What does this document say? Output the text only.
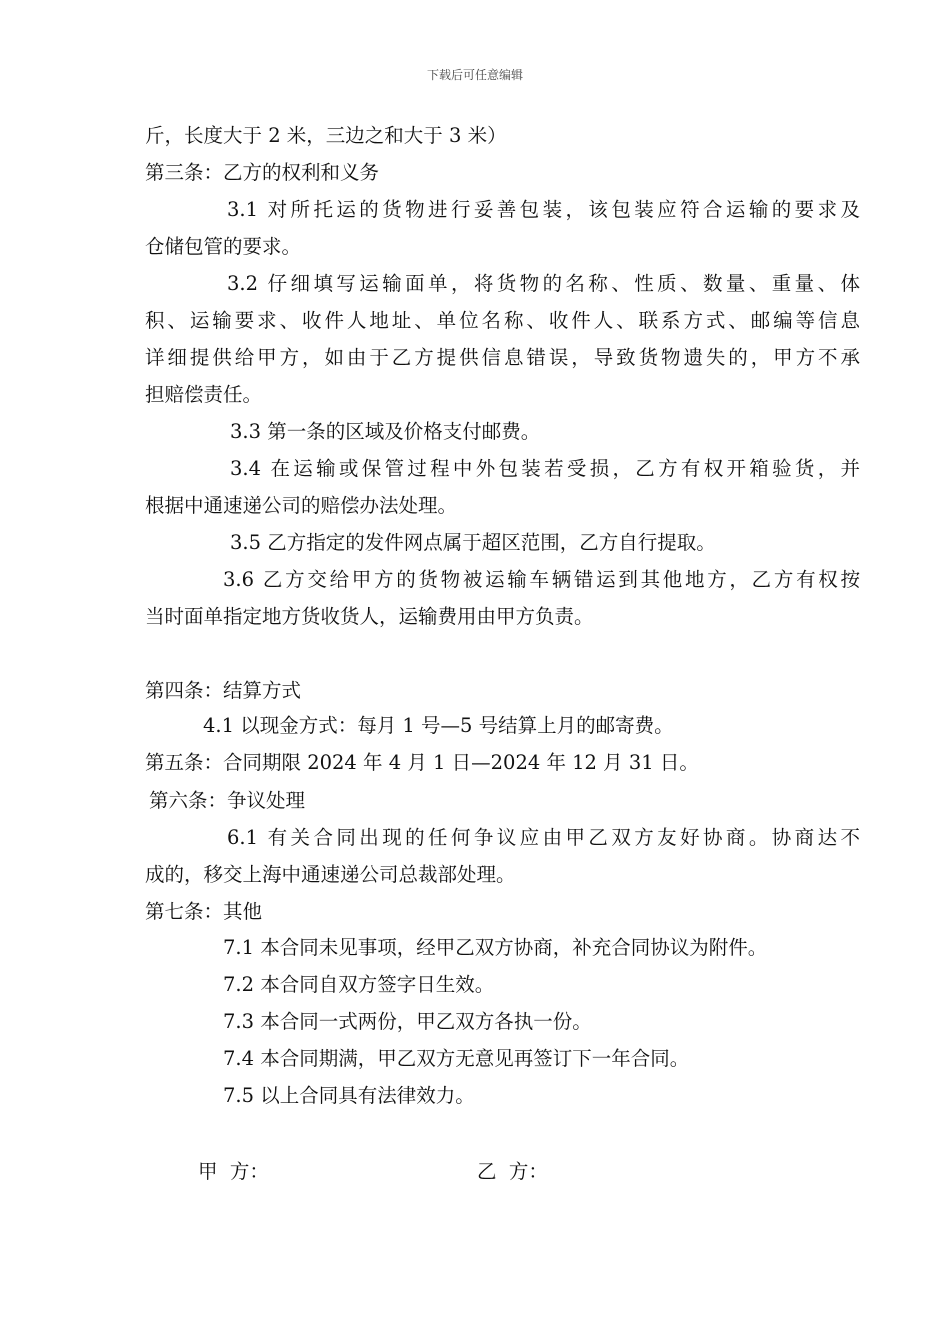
下载后可任意编辑
斤，长度大于 2 米，三边之和大于 3 米）
第三条：乙方的权利和义务
3.1 对所托运的货物进行妥善包装，该包装应符合运输的要求及
仓储包管的要求。
3.2 仔细填写运输面单，将货物的名称、性质、数量、重量、体
积、运输要求、收件人地址、单位名称、收件人、联系方式、邮编等信息
详细提供给甲方，如由于乙方提供信息错误，导致货物遗失的，甲方不承
担赔偿责任。
3.3 第一条的区域及价格支付邮费。
3.4 在运输或保管过程中外包装若受损，乙方有权开箱验货，并
根据中通速递公司的赔偿办法处理。
3.5 乙方指定的发件网点属于超区范围，乙方自行提取。
3.6 乙方交给甲方的货物被运输车辆错运到其他地方，乙方有权按
当时面单指定地方货收货人，运输费用由甲方负责。
第四条：结算方式
4.1 以现金方式：每月 1 号—5 号结算上月的邮寄费。
第五条：合同期限 2024 年 4 月 1 日—2024 年 12 月 31 日。
第六条：争议处理
6.1 有关合同出现的任何争议应由甲乙双方友好协商。协商达不
成的，移交上海中通速递公司总裁部处理。
第七条：其他
7.1 本合同未见事项，经甲乙双方协商，补充合同协议为附件。
7.2 本合同自双方签字日生效。
7.3 本合同一式两份，甲乙双方各执一份。
7.4 本合同期满，甲乙双方无意见再签订下一年合同。
7.5 以上合同具有法律效力。
甲  方：	乙  方：
